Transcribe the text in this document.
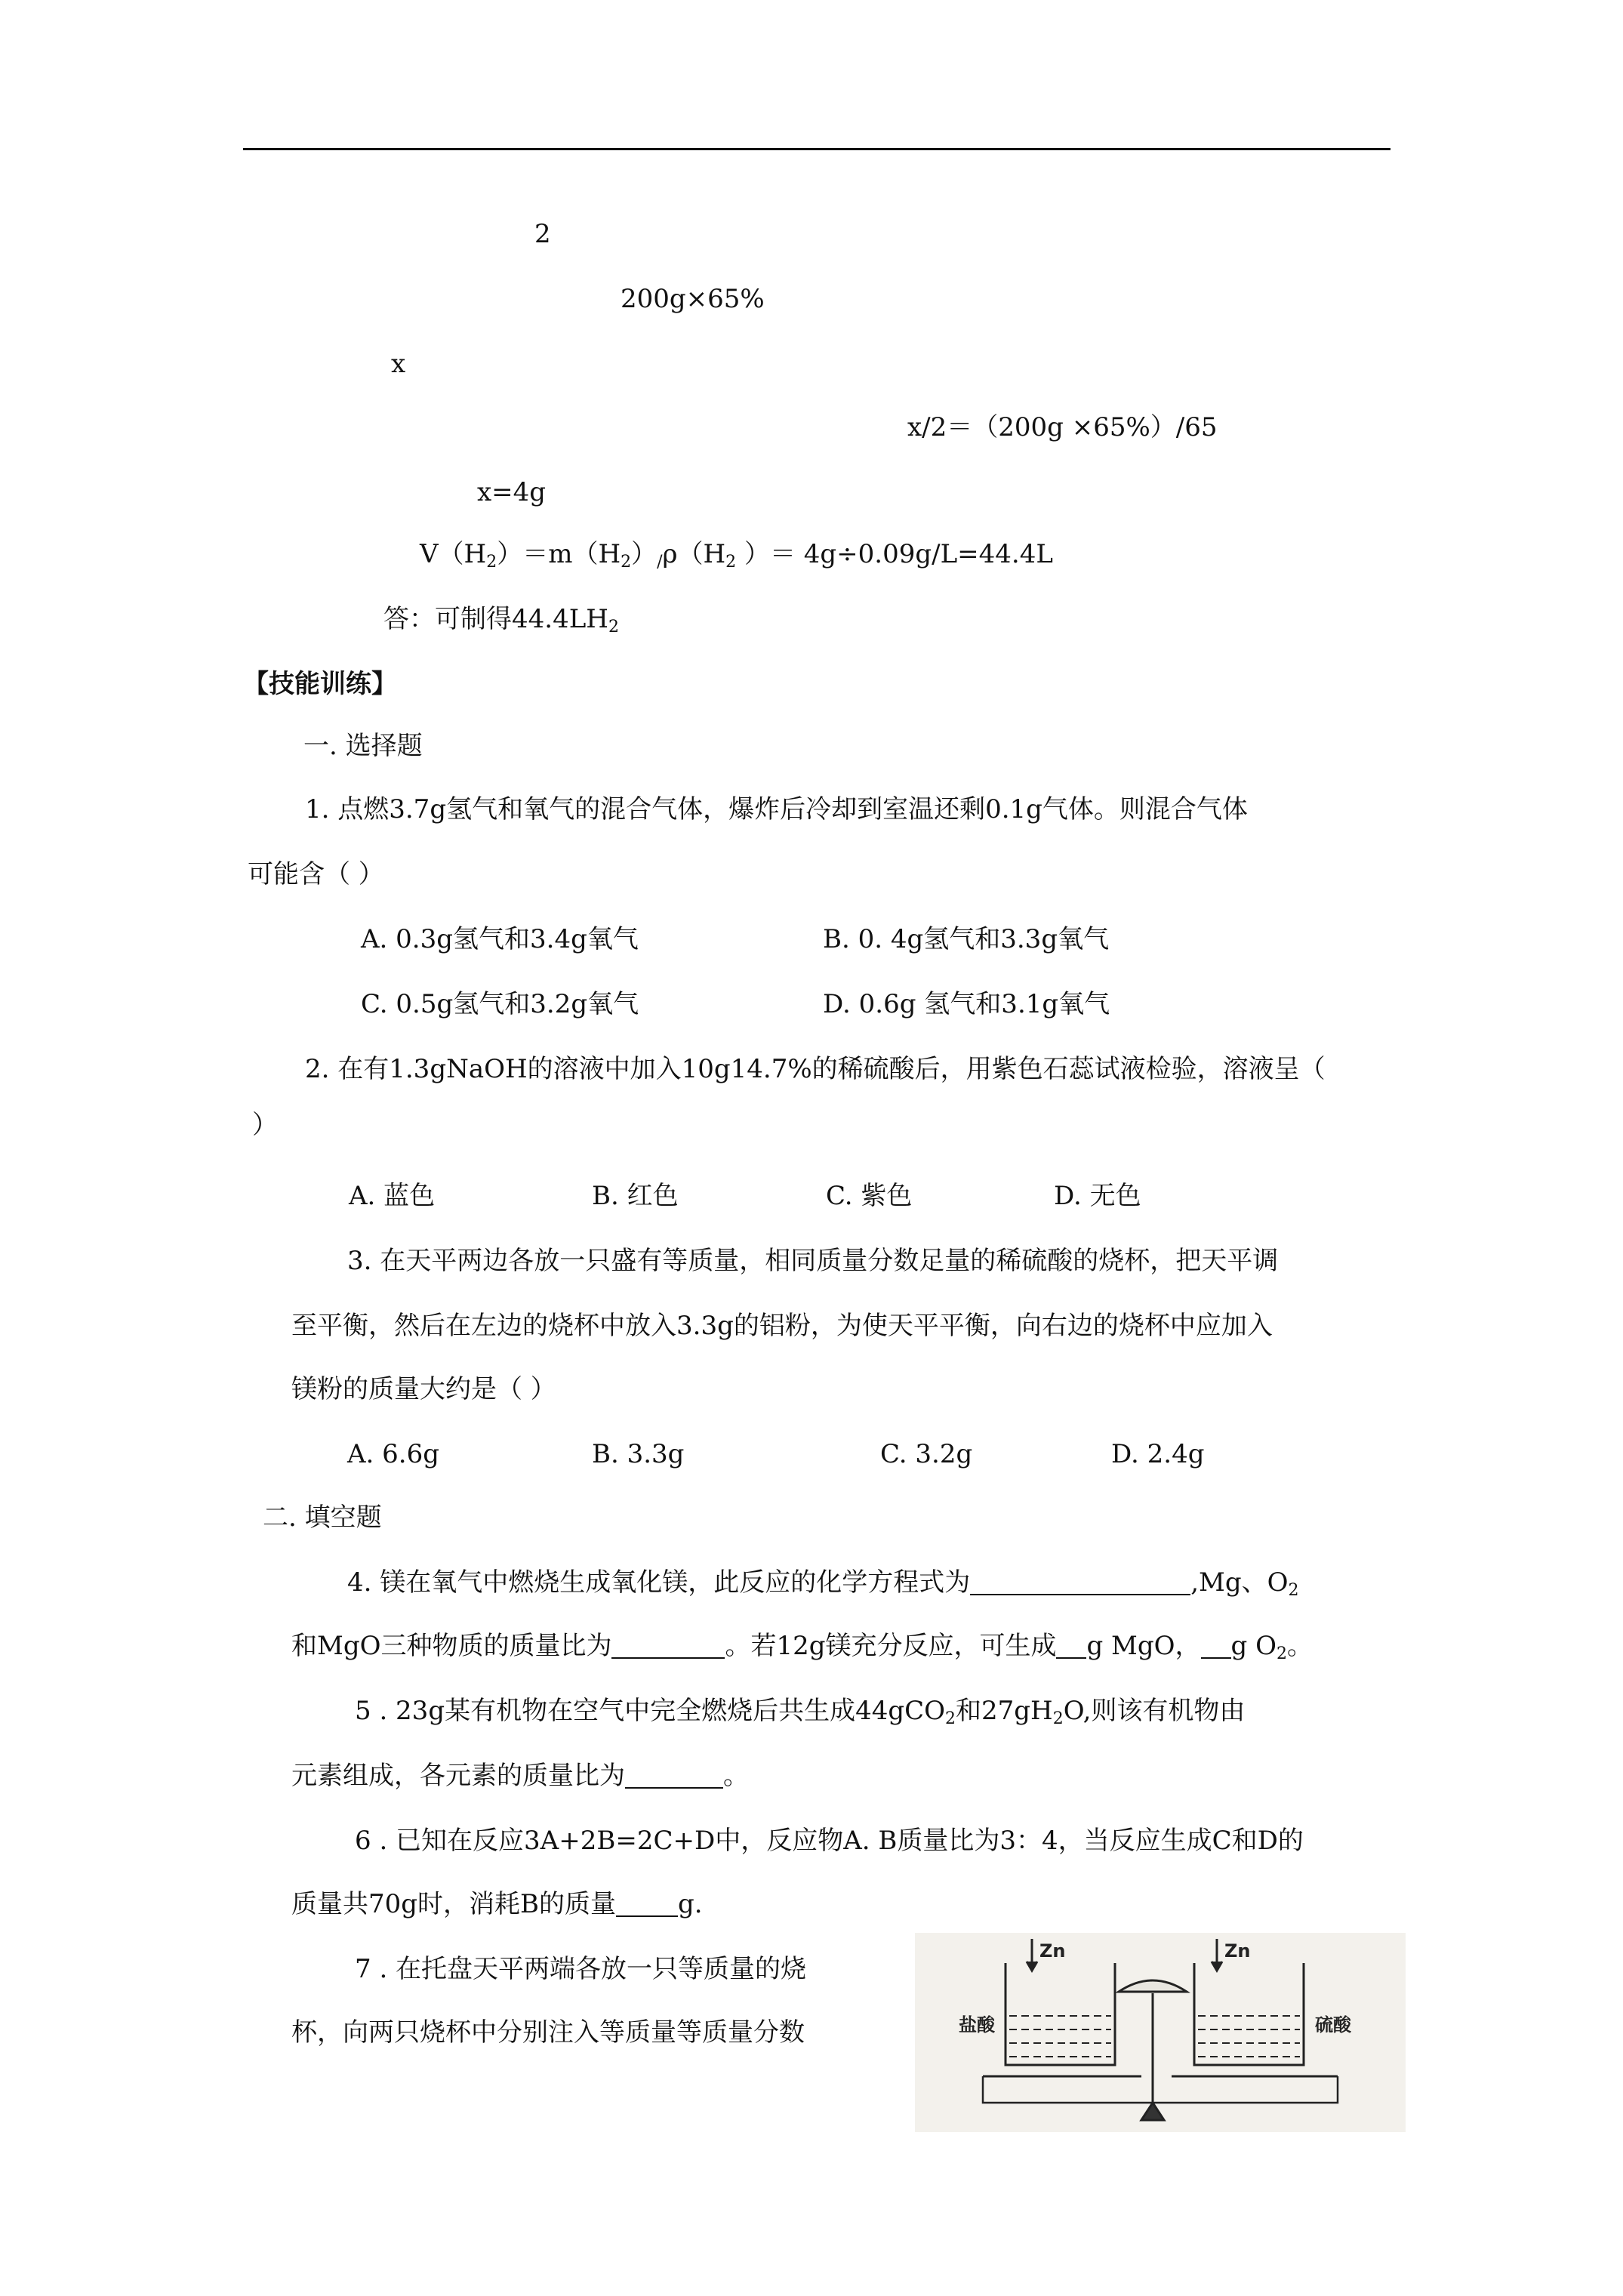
2
200g×65%
x
x/2＝（200g ×65%）/65
x=4g
$V(H_2)=m(H_2)_/\rho(H_2$ ）＝ 4g÷0.09g/L=44.4L
答：可制得$44.4LH_2$
【技能训练】
一. 选择题
1. 点燃3.7g氢气和氧气的混合气体，爆炸后冷却到室温还剩0.1g气体。则混合气体
可能含（ ）
A. 0.3g氢气和3.4g氧气	B. 0. 4g氢气和3.3g氧气
C. 0.5g氢气和3.2g氧气	D. 0.6g 氢气和3.1g氧气
2. 在有1.3gNaOH的溶液中加入10g14.7%的稀硫酸后，用紫色石蕊试液检验，溶液呈（
）
A. 蓝色	B. 红色	C. 紫色	D. 无色
3. 在天平两边各放一只盛有等质量，相同质量分数足量的稀硫酸的烧杯，把天平调
至平衡，然后在左边的烧杯中放入3.3g的铝粉，为使天平平衡，向右边的烧杯中应加入
镁粉的质量大约是（ ）
A. 6.6g	B. 3.3g	C. 3.2g	D. 2.4g
二. 填空题
4. 镁在氧气中燃烧生成氧化镁，此反应的化学方程式为	,Mg、$O_2$
和MgO三种物质的质量比为	。若12g镁充分反应，可生成 g MgO， g $O_2$。
5 . 23g某有机物在空气中完全燃烧后共生成44gCO$_2$和$27gH_2O$,则该有机物由
元素组成，各元素的质量比为	。
6 . 已知在反应3A+2B=2C+D中，反应物A. B质量比为3：4，当反应生成C和D的
质量共70g时，消耗B的质量 g.
7 . 在托盘天平两端各放一只等质量的烧
杯，向两只烧杯中分别注入等质量等质量分数
Zn	Zn
盐酸	硫酸
